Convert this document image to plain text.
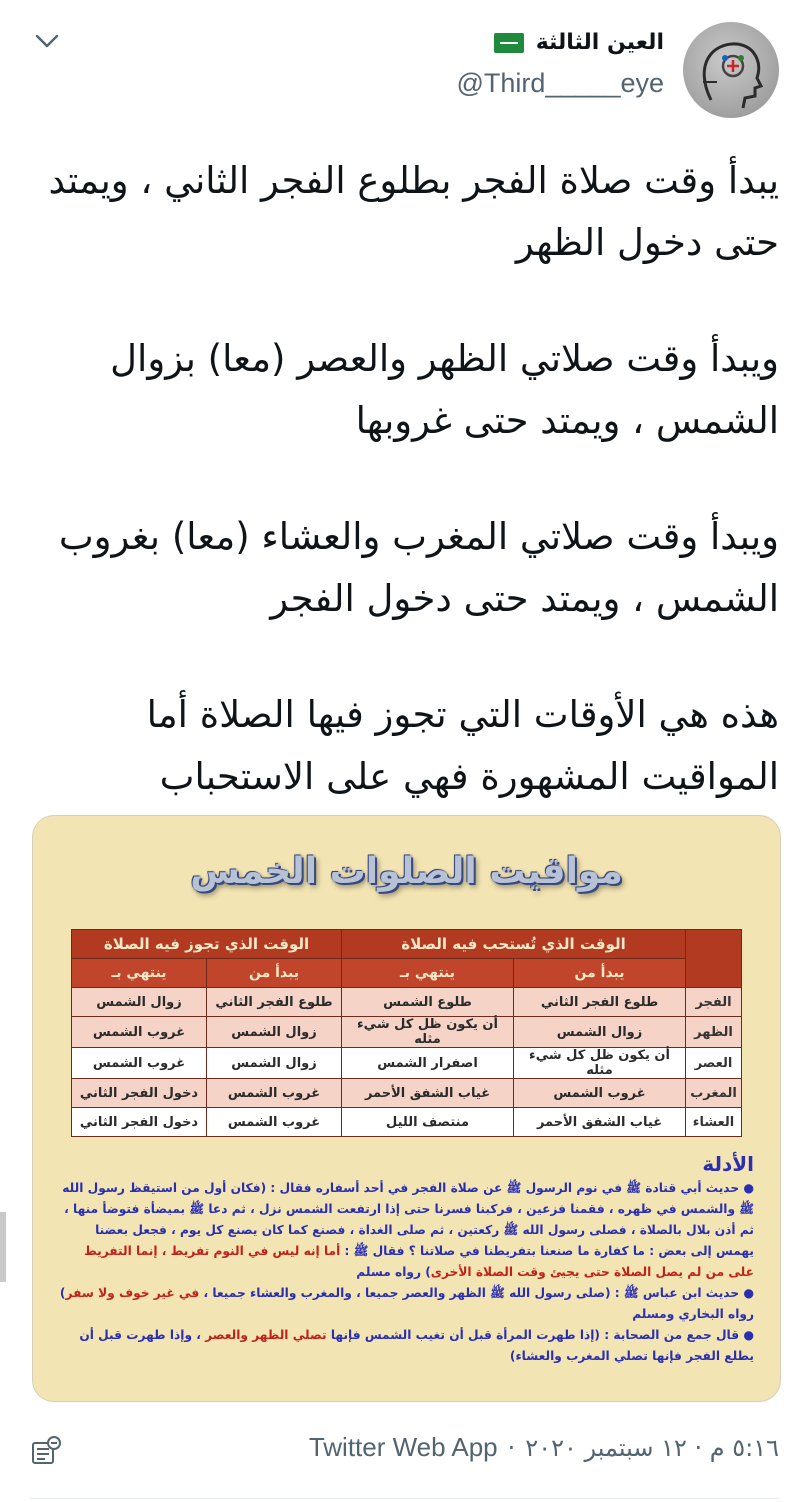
العين الثالثة
@Third_____eye

يبدأ وقت صلاة الفجر بطلوع الفجر الثاني ، ويمتد حتى دخول الظهر

ويبدأ وقت صلاتي الظهر والعصر (معا) بزوال الشمس ، ويمتد حتى غروبها

ويبدأ وقت صلاتي المغرب والعشاء (معا) بغروب الشمس ، ويمتد حتى دخول الفجر

هذه هي الأوقات التي تجوز فيها الصلاة أما المواقيت المشهورة فهي على الاستحباب

مواقيت الصلوات الخمس
	الوقت الذي تُستحب فيه الصلاة		الوقت الذي تجوز فيه الصلاة	
	يبدأ من	ينتهي بـ	يبدأ من	ينتهي بـ
الفجر	طلوع الفجر الثاني	طلوع الشمس	طلوع الفجر الثاني	زوال الشمس
الظهر	زوال الشمس	أن يكون ظل كل شيء مثله	زوال الشمس	غروب الشمس
العصر	أن يكون ظل كل شيء مثله	اصفرار الشمس	زوال الشمس	غروب الشمس
المغرب	غروب الشمس	غياب الشفق الأحمر	غروب الشمس	دخول الفجر الثاني
العشاء	غياب الشفق الأحمر	منتصف الليل	غروب الشمس	دخول الفجر الثاني
الأدلة

● حديث أبي قتادة ﷺ في نوم الرسول ﷺ عن صلاة الفجر في أحد أسفاره فقال : (فكان أول من استيقظ رسول الله ﷺ والشمس في ظهره ، فقمنا فزعين ، فركبنا فسرنا حتى إذا ارتفعت الشمس نزل ، ثم دعا ﷺ بميضأة فتوضأ منها ، ثم أذن بلال بالصلاة ، فصلى رسول الله ﷺ ركعتين ، ثم صلى الغداة ، فصنع كما كان يصنع كل يوم ، فجعل بعضنا يهمس إلى بعض : ما كفارة ما صنعنا بتفريطنا في صلاتنا ؟ فقال ﷺ : أما إنه ليس في النوم تفريط ، إنما التفريط على من لم يصل الصلاة حتى يجيئ وقت الصلاة الأخرى) رواه مسلم

● حديث ابن عباس ﷺ : (صلى رسول الله ﷺ الظهر والعصر جميعا ، والمغرب والعشاء جميعا ، في غير خوف ولا سفر) رواه البخاري ومسلم

● قال جمع من الصحابة : (إذا طهرت المرأة قبل أن تغيب الشمس فإنها تصلي الظهر والعصر ، وإذا طهرت قبل أن يطلع الفجر فإنها تصلي المغرب والعشاء)

٥:١٦ م · ١٢ سبتمبر ٢٠٢٠
·
Twitter Web App
